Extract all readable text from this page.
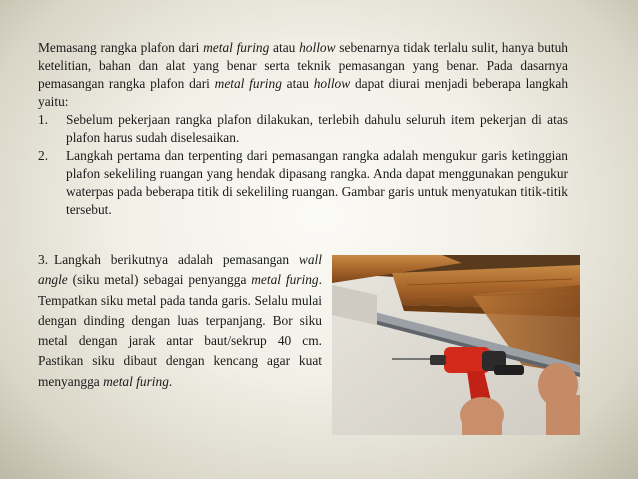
Memasang rangka plafon dari metal furing atau hollow sebenarnya tidak terlalu sulit, hanya butuh ketelitian, bahan dan alat yang benar serta teknik pemasangan yang benar. Pada dasarnya pemasangan rangka plafon dari metal furing atau hollow dapat diurai menjadi beberapa langkah yaitu:

1. Sebelum pekerjaan rangka plafon dilakukan, terlebih dahulu seluruh item pekerjan di atas plafon harus sudah diselesaikan.
2. Langkah pertama dan terpenting dari pemasangan rangka adalah mengukur garis ketinggian plafon sekeliling ruangan yang hendak dipasang rangka. Anda dapat menggunakan pengukur waterpas pada beberapa titik di sekeliling ruangan. Gambar garis untuk menyatukan titik-titik tersebut.
3. Langkah berikutnya adalah pemasangan wall angle (siku metal) sebagai penyangga metal furing. Tempatkan siku metal pada tanda garis. Selalu mulai dengan dinding dengan luas terpanjang. Bor siku metal dengan jarak antar baut/sekrup 40 cm. Pastikan siku dibaut dengan kencang agar kuat menyangga metal furing.
